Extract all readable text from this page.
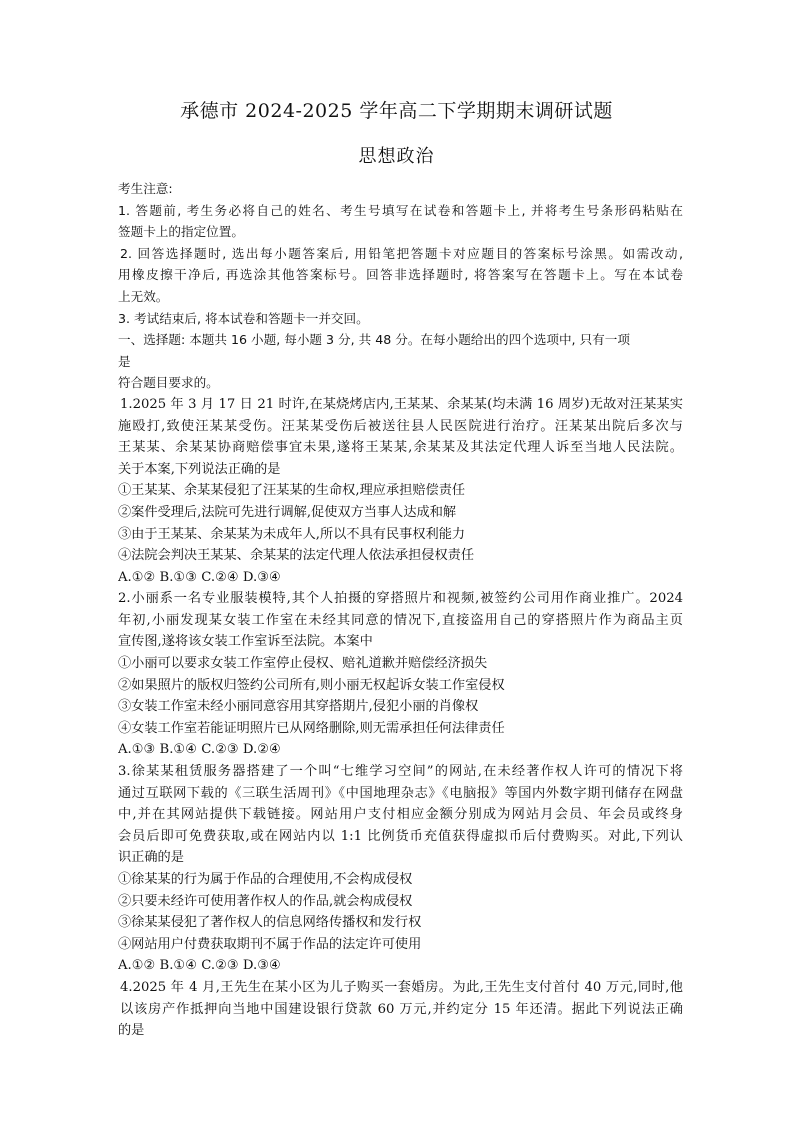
承德市 2024-2025 学年高二下学期期末调研试题
思想政治
考生注意:
1. 答题前, 考生务必将自己的姓名、考生号填写在试卷和答题卡上, 并将考生号条形码粘贴在
签题卡上的指定位置。
2. 回答选择题时, 选出每小题答案后, 用铅笔把答题卡对应题目的答案标号涂黑。如需改动,
用橡皮擦干净后, 再选涂其他答案标号。回答非选择题时, 将答案写在答题卡上。写在本试卷
上无效。
3. 考试结束后, 将本试卷和答题卡一并交回。
一、选择题: 本题共 16 小题, 每小题 3 分, 共 48 分。在每小题给出的四个选项中, 只有一项
是
符合题目要求的。
1.2025 年 3 月 17 日 21 时许,在某烧烤店内,王某某、余某某(均未满 16 周岁)无故对汪某某实
施殴打,致使汪某某受伤。汪某某受伤后被送往县人民医院进行治疗。汪某某出院后多次与
王某某、余某某协商赔偿事宜未果,遂将王某某,余某某及其法定代理人诉至当地人民法院。
关于本案,下列说法正确的是
①王某某、余某某侵犯了汪某某的生命权,理应承担赔偿责任
②案件受理后,法院可先进行调解,促使双方当事人达成和解
③由于王某某、余某某为未成年人,所以不具有民事权利能力
④法院会判决王某某、余某某的法定代理人依法承担侵权责任
A.①② B.①③ C.②④ D.③④
2.小丽系一名专业服装模特,其个人拍摄的穿搭照片和视频,被签约公司用作商业推广。2024
年初,小丽发现某女装工作室在未经其同意的情况下,直接盗用自己的穿搭照片作为商品主页
宣传图,遂将该女装工作室诉至法院。本案中
①小丽可以要求女装工作室停止侵权、赔礼道歉并赔偿经济损失
②如果照片的版权归签约公司所有,则小丽无权起诉女装工作室侵权
③女装工作室未经小丽同意容用其穿搭期片,侵犯小丽的肖像权
④女装工作室若能证明照片已从网络删除,则无需承担任何法律责任
A.①③ B.①④ C.②③ D.②④
3.徐某某租赁服务器搭建了一个叫“七维学习空间”的网站,在未经著作权人许可的情况下将
通过互联网下载的《三联生活周刊》《中国地理杂志》《电脑报》等国内外数字期刊储存在网盘
中,并在其网站提供下载链接。网站用户支付相应金额分别成为网站月会员、年会员或终身
会员后即可免费获取,或在网站内以 1:1 比例货币充值获得虚拟币后付费购买。对此,下列认
识正确的是
①徐某某的行为属于作品的合理使用,不会构成侵权
②只要未经许可使用著作权人的作品,就会构成侵权
③徐某某侵犯了著作权人的信息网络传播权和发行权
④网站用户付费获取期刊不属于作品的法定许可使用
A.①② B.①④ C.②③ D.③④
4.2025 年 4 月,王先生在某小区为儿子购买一套婚房。为此,王先生支付首付 40 万元,同时,他
以该房产作抵押向当地中国建设银行贷款 60 万元,并约定分 15 年还清。据此下列说法正确
的是
